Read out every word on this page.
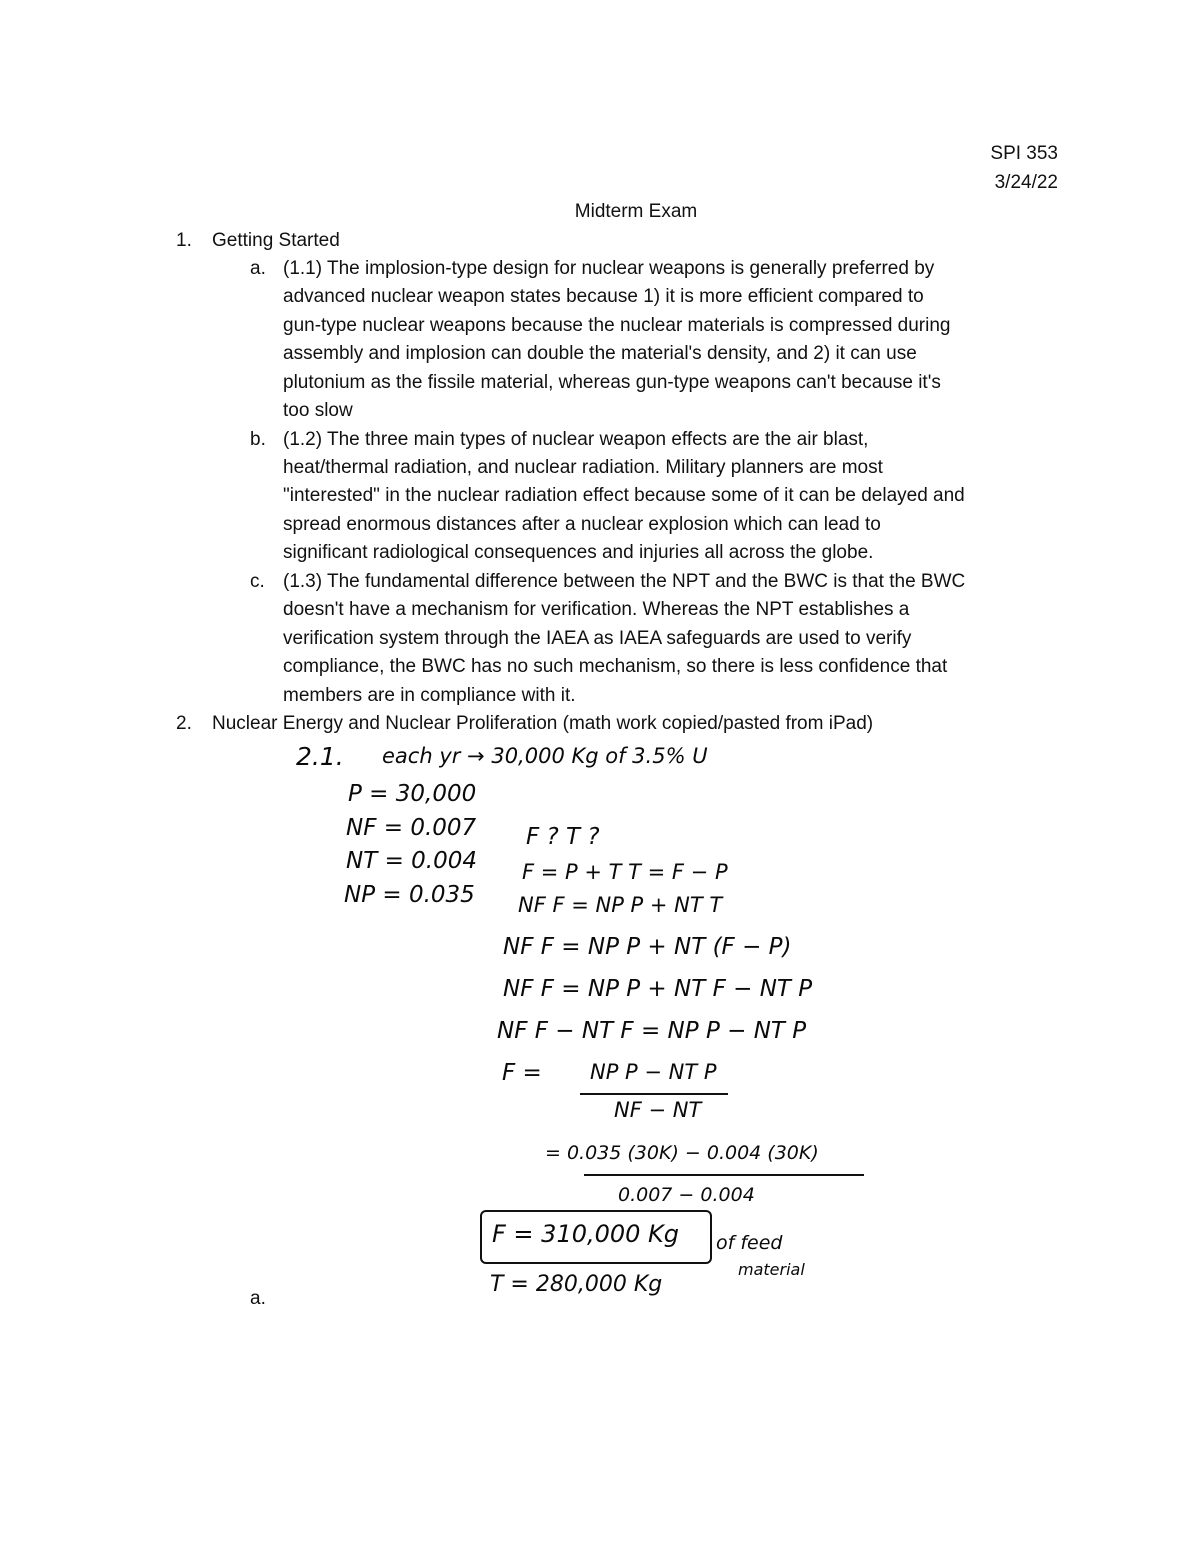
SPI 353
3/24/22
Midterm Exam
1. Getting Started
a. (1.1) The implosion-type design for nuclear weapons is generally preferred by
advanced nuclear weapon states because 1) it is more efficient compared to
gun-type nuclear weapons because the nuclear materials is compressed during
assembly and implosion can double the material's density, and 2) it can use
plutonium as the fissile material, whereas gun-type weapons can't because it's
too slow
b. (1.2) The three main types of nuclear weapon effects are the air blast,
heat/thermal radiation, and nuclear radiation. Military planners are most
"interested" in the nuclear radiation effect because some of it can be delayed and
spread enormous distances after a nuclear explosion which can lead to
significant radiological consequences and injuries all across the globe.
c. (1.3) The fundamental difference between the NPT and the BWC is that the BWC
doesn't have a mechanism for verification. Whereas the NPT establishes a
verification system through the IAEA as IAEA safeguards are used to verify
compliance, the BWC has no such mechanism, so there is less confidence that
members are in compliance with it.
2. Nuclear Energy and Nuclear Proliferation (math work copied/pasted from iPad)
2.1. each yr → 30,000 Kg of 3.5% U
P = 30,000
NF = 0.007
NT = 0.004
NP = 0.035
F ? T ?
F = P + T T = F − P
NF F = NP P + NT T
NF F = NP P + NT (F − P)
NF F = NP P + NT F − NT P
NF F − NT F = NP P − NT P
F = NP P − NT P
NF − NT
= 0.035 (30K) − 0.004 (30K)
0.007 − 0.004
F = 310,000 Kg of feed
material
T = 280,000 Kg
a.
